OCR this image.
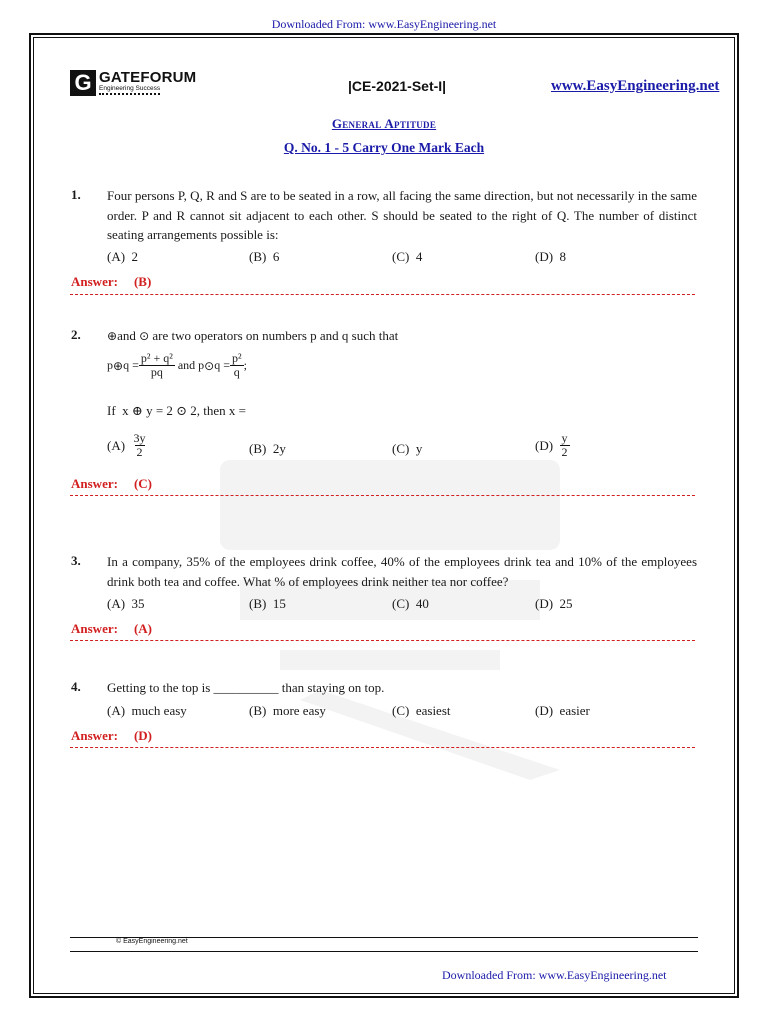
Downloaded From: www.EasyEngineering.net
G GATEFORUM
Engineering Success	|CE-2021-Set-I|	www.EasyEngineering.net
General Aptitude
Q. No. 1 - 5 Carry One Mark Each
1. Four persons P, Q, R and S are to be seated in a row, all facing the same direction, but not necessarily in the same order. P and R cannot sit adjacent to each other. S should be seated to the right of Q. The number of distinct seating arrangements possible is:
(A) 2	(B) 6	(C) 4	(D) 8
Answer: (B)
2. ⊕and ⊙ are two operators on numbers p and q such that
p ⊕ q
= $\frac{\text{p² + q²}}{pq}$
and
p ⊙ q
= $\frac{\text{p²}}{q}$ ;
If x ⊕ y = 2 ⊙ 2, then x =
(A)
$\frac{3y}{2}$	(B) 2y	(C) y	(D)
$\frac{y}{2}$
Answer: (C)
3. In a company, 35% of the employees drink coffee, 40% of the employees drink tea and 10% of the employees drink both tea and coffee. What % of employees drink neither tea nor coffee?
(A) 35	(B) 15	(C) 40	(D) 25
Answer: (A)
4. Getting to the top is __________ than staying on top.
(A) much easy	(B) more easy	(C) easiest	(D) easier
Answer: (D)
© EasyEngineering.net
Downloaded From: www.EasyEngineering.net
